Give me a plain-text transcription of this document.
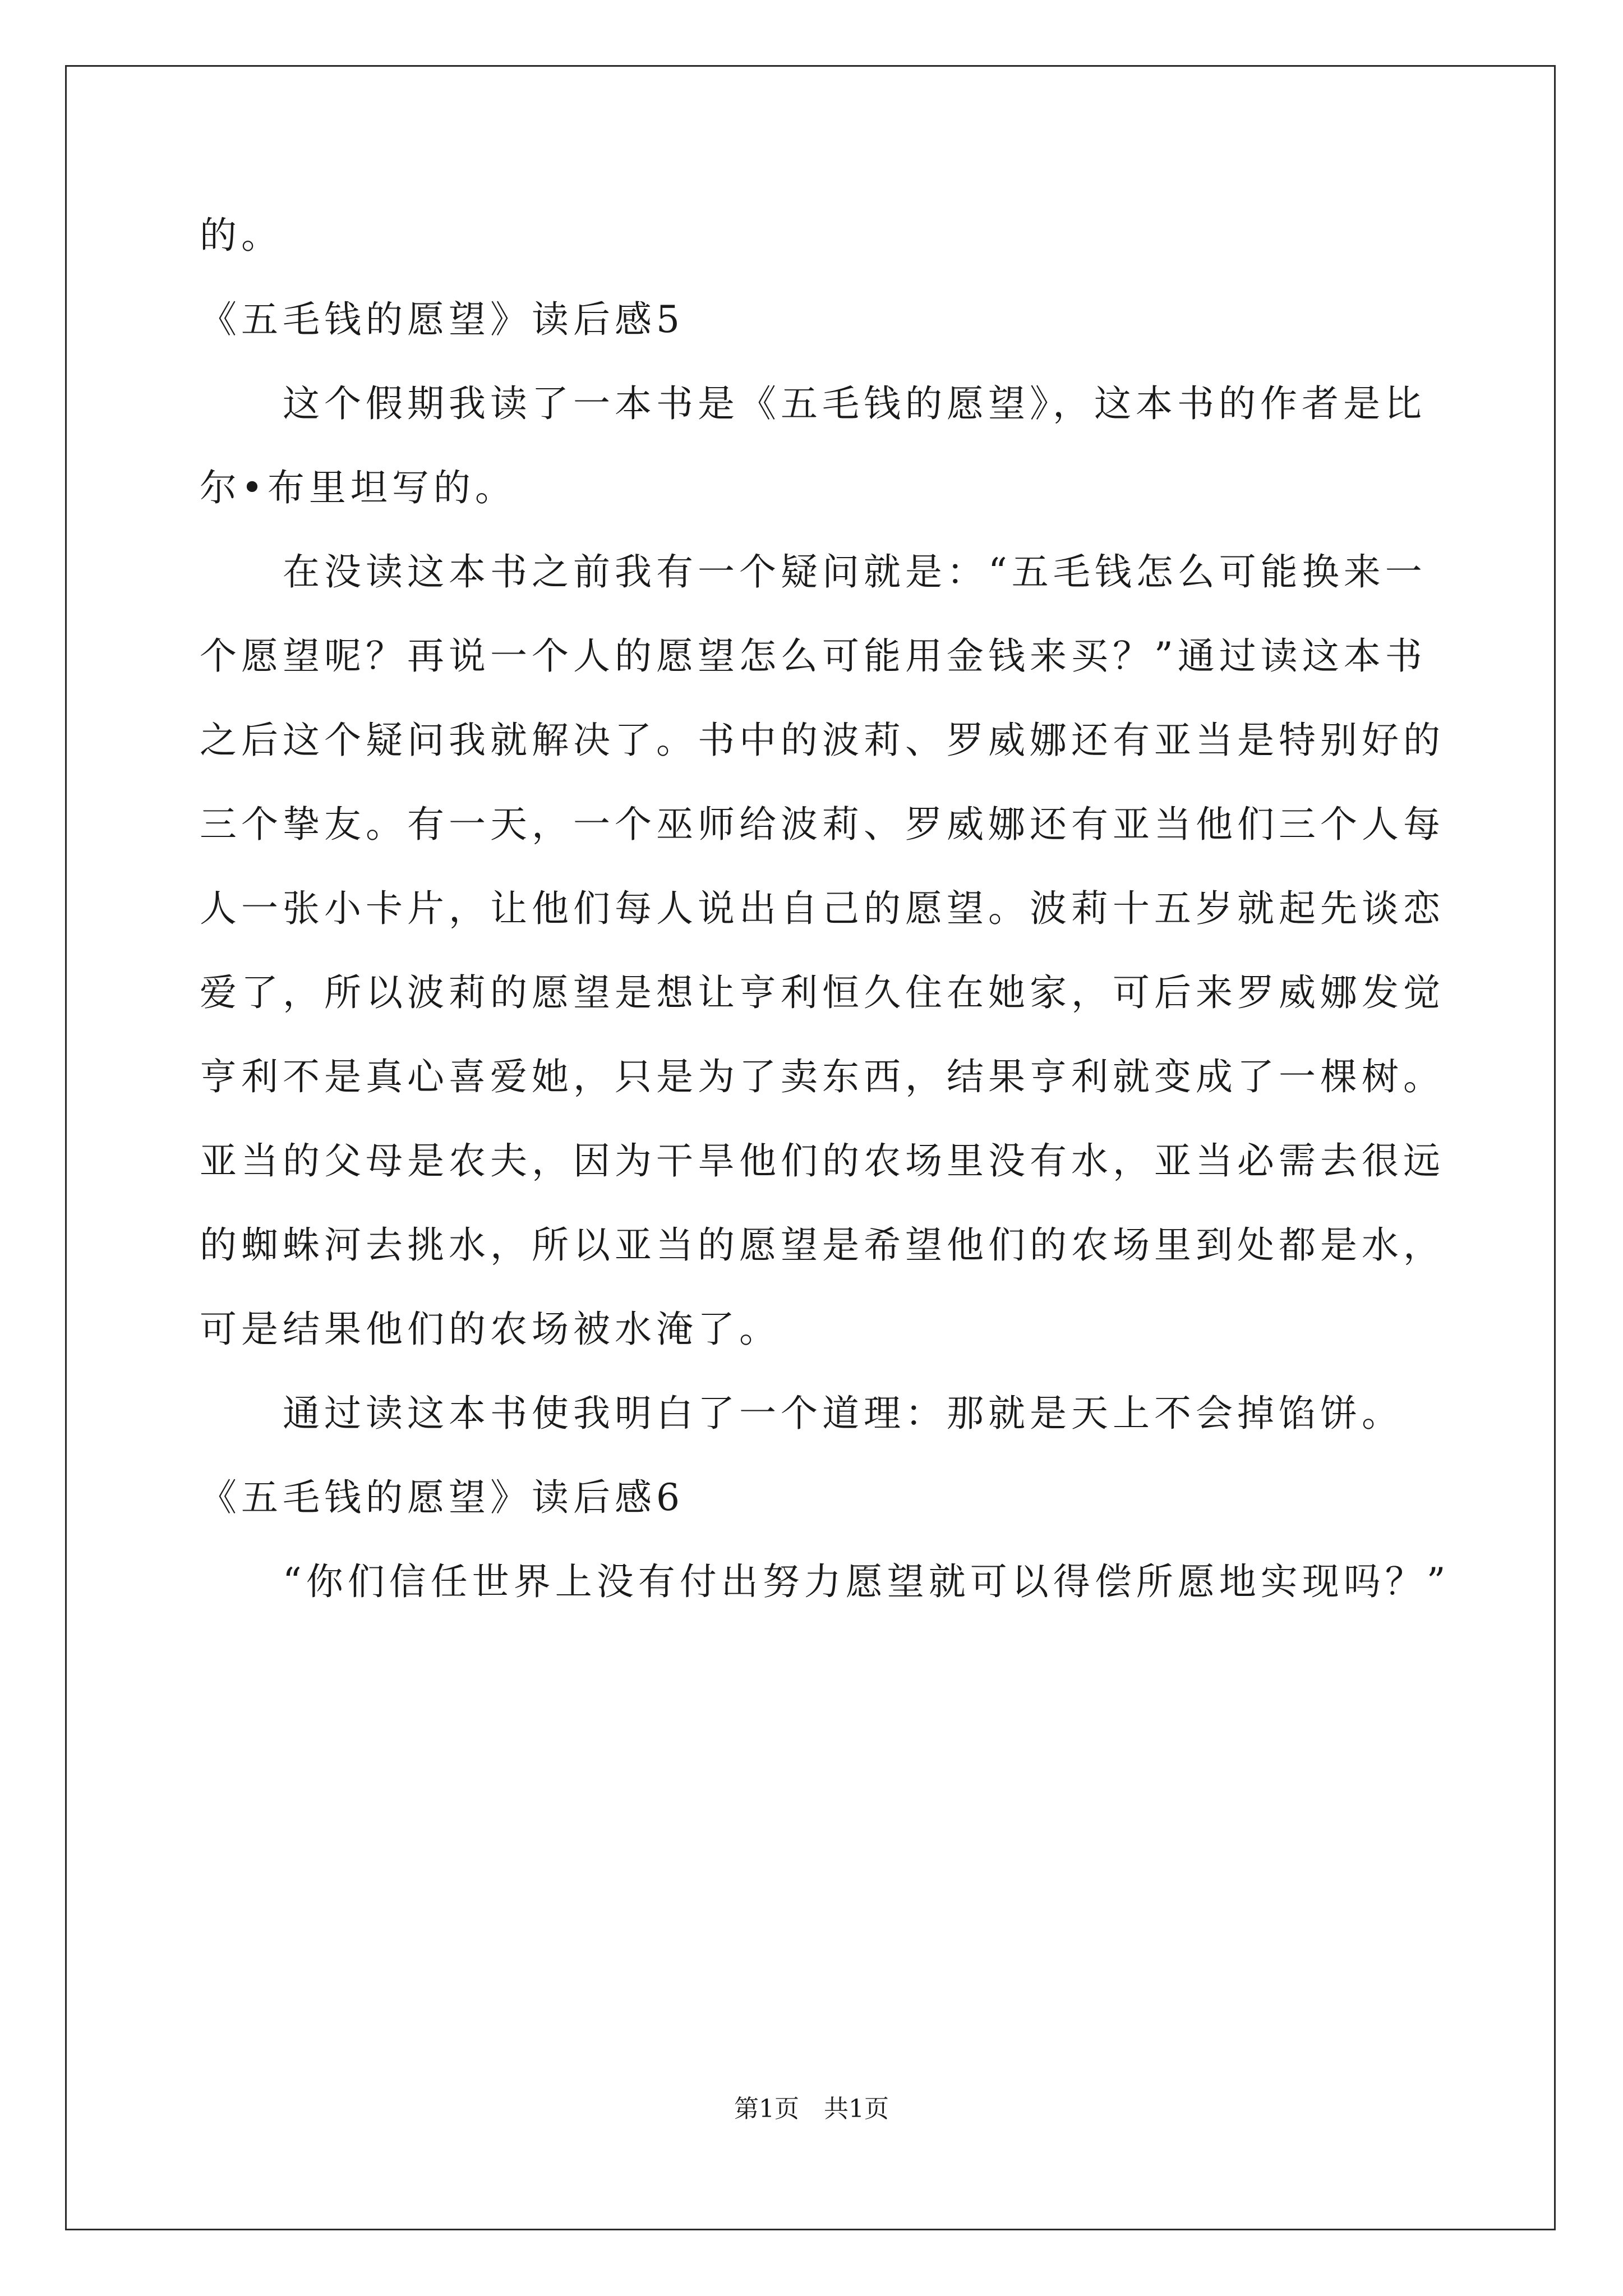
的。
《五毛钱的愿望》读后感5
　　这个假期我读了一本书是《五毛钱的愿望》，这本书的作者是比
尔•布里坦写的。
　　在没读这本书之前我有一个疑问就是：“五毛钱怎么可能换来一
个愿望呢？再说一个人的愿望怎么可能用金钱来买？”通过读这本书
之后这个疑问我就解决了。书中的波莉、罗威娜还有亚当是特别好的
三个挚友。有一天，一个巫师给波莉、罗威娜还有亚当他们三个人每
人一张小卡片，让他们每人说出自己的愿望。波莉十五岁就起先谈恋
爱了，所以波莉的愿望是想让亨利恒久住在她家，可后来罗威娜发觉
亨利不是真心喜爱她，只是为了卖东西，结果亨利就变成了一棵树。
亚当的父母是农夫，因为干旱他们的农场里没有水，亚当必需去很远
的蜘蛛河去挑水，所以亚当的愿望是希望他们的农场里到处都是水，
可是结果他们的农场被水淹了。
　　通过读这本书使我明白了一个道理：那就是天上不会掉馅饼。
《五毛钱的愿望》读后感6
　　“你们信任世界上没有付出努力愿望就可以得偿所愿地实现吗？”
第1页　共1页
